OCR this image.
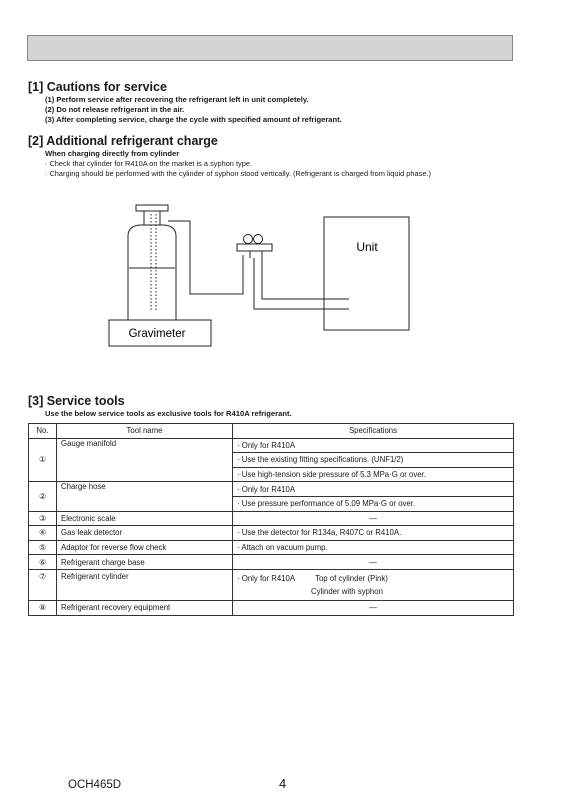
[1] Cautions for service

(1) Perform service after recovering the refrigerant left in unit completely.

(2) Do not release refrigerant in the air.

(3) After completing service, charge the cycle with specified amount of refrigerant.

[2] Additional refrigerant charge

When charging directly from cylinder

· Check that cylinder for R410A on the market is a syphon type.

· Charging should be performed with the cylinder of syphon stood vertically. (Refrigerant is charged from liquid phase.)

Unit
Gravimeter
[3] Service tools

Use the below service tools as exclusive tools for R410A refrigerant.

No.	Tool name	Specifications
①	Gauge manifold	· Only for R410A
		· Use the existing fitting specifications. (UNF1/2)
		· Use high-tension side pressure of 5.3 MPa·G or over.
②	Charge hose	· Only for R410A
		· Use pressure performance of 5.09 MPa·G or over.
③	Electronic scale	—
④	Gas leak detector	· Use the detector for R134a, R407C or R410A.
⑤	Adaptor for reverse flow check	· Attach on vacuum pump.
⑥	Refrigerant charge base	—
⑦	Refrigerant cylinder	· Only for R410A Top of cylinder (Pink)
Cylinder with syphon

⑧	Refrigerant recovery equipment	—
OCH465D	4
